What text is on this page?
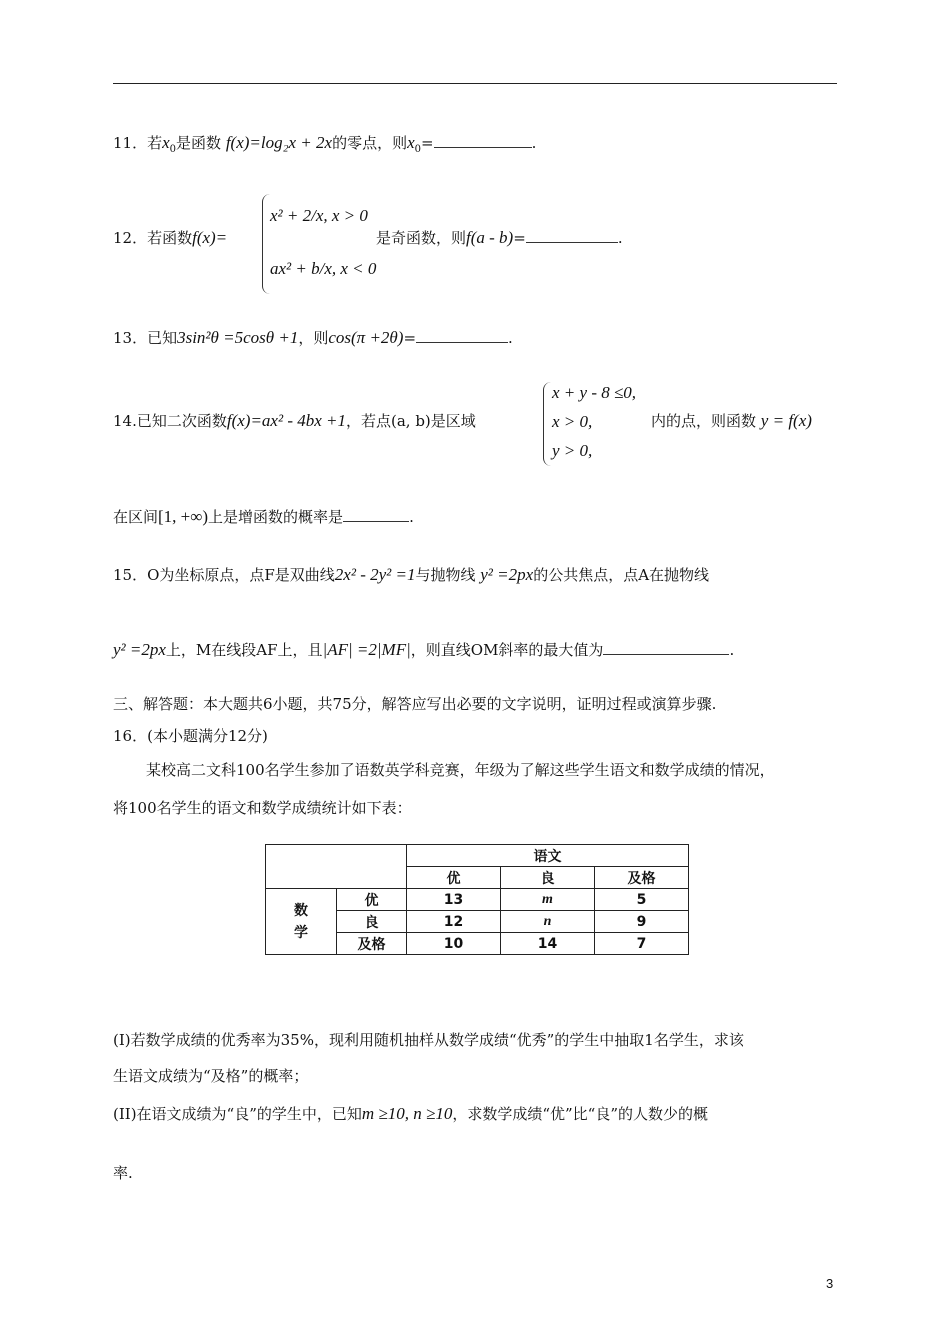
11．若$x_0$是函数 f(x)=log₂x + 2x的零点，则$x_0=$	.
12．若函数f(x)=
x² + 2/x, x > 0
ax² + b/x, x < 0
是奇函数，则f(a - b)=	.
13．已知3sin²θ =5cosθ +1，则cos(π +2θ)=	.
14.已知二次函数f(x)=ax² - 4bx +1，若点(a, b)是区域
x + y - 8 ≤0,
x > 0,
y > 0,
内的点，则函数 y = f(x)
在区间[1, +∞)上是增函数的概率是	.
15．O为坐标原点，点F是双曲线2x² - 2y² =1与抛物线 y² =2px的公共焦点，点A在抛物线
y² =2px上，M在线段AF上，且|AF| =2|MF|，则直线OM斜率的最大值为	.
三、解答题：本大题共6小题，共75分，解答应写出必要的文字说明，证明过程或演算步骤.
16．(本小题满分12分)
某校高二文科100名学生参加了语数英学科竞赛，年级为了解这些学生语文和数学成绩的情况，
将100名学生的语文和数学成绩统计如下表：
		语文		
		优	良	及格
数学	优	13	m	5
	良	12	n	9
	及格	10	14	7
(I)若数学成绩的优秀率为35%，现利用随机抽样从数学成绩“优秀”的学生中抽取1名学生，求该
生语文成绩为“及格”的概率；
(II)在语文成绩为“良”的学生中，已知m ≥10, n ≥10，求数学成绩“优”比“良”的人数少的概
率.
3
